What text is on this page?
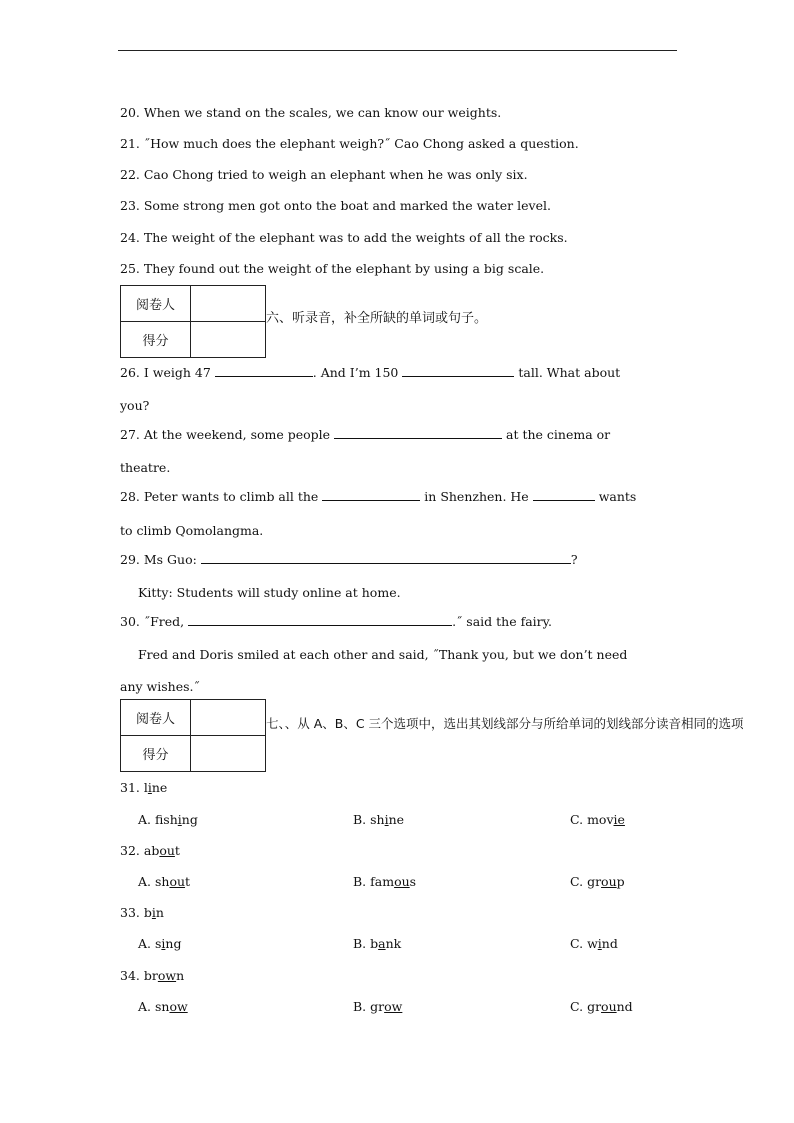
20. When we stand on the scales, we can know our weights.
21. ˝How much does the elephant weigh?˝ Cao Chong asked a question.
22. Cao Chong tried to weigh an elephant when he was only six.
23. Some strong men got onto the boat and marked the water level.
24. The weight of the elephant was to add the weights of all the rocks.
25. They found out the weight of the elephant by using a big scale.
阅卷人	
得分	
六、听录音，补全所缺的单词或句子。
26. I weigh 47	. And I’m 150	tall. What about
you?
27. At the weekend, some people	at the cinema or
theatre.
28. Peter wants to climb all the	in Shenzhen. He	wants
to climb Qomolangma.
29. Ms Guo:	?
Kitty: Students will study online at home.
30. ˝Fred,	.˝ said the fairy.
Fred and Doris smiled at each other and said, ˝Thank you, but we don’t need
any wishes.˝
阅卷人	
得分	
七、、从 A、B、C 三个选项中，选出其划线部分与所给单词的划线部分读音相同的选项
31. line
A. fishing	B. shine	C. movie
32. about
A. shout	B. famous	C. group
33. bin
A. sing	B. bank	C. wind
34. brown
A. snow	B. grow	C. ground
